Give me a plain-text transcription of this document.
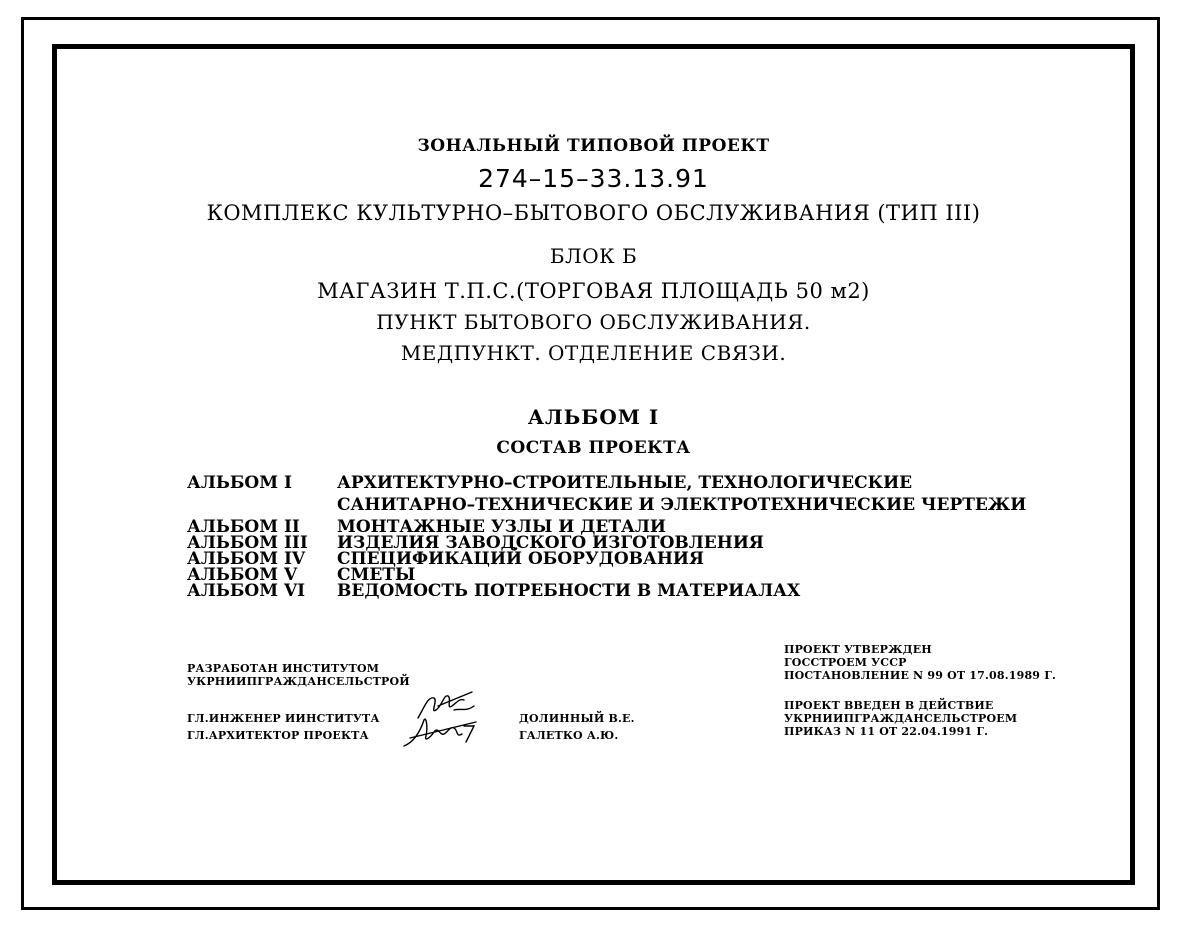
ЗОНАЛЬНЫЙ ТИПОВОЙ ПРОЕКТ
274–15–33.13.91
КОМПЛЕКС КУЛЬТУРНО–БЫТОВОГО ОБСЛУЖИВАНИЯ (ТИП III)
БЛОК Б
МАГАЗИН Т.П.С.(ТОРГОВАЯ ПЛОЩАДЬ 50 м2)
ПУНКТ БЫТОВОГО ОБСЛУЖИВАНИЯ.
МЕДПУНКТ. ОТДЕЛЕНИЕ СВЯЗИ.
АЛЬБОМ I
СОСТАВ ПРОЕКТА
АЛЬБОМ I	АРХИТЕКТУРНО–СТРОИТЕЛЬНЫЕ, ТЕХНОЛОГИЧЕСКИЕ
САНИТАРНО–ТЕХНИЧЕСКИЕ И ЭЛЕКТРОТЕХНИЧЕСКИЕ ЧЕРТЕЖИ
АЛЬБОМ II МОНТАЖНЫЕ УЗЛЫ И ДЕТАЛИ
АЛЬБОМ III ИЗДЕЛИЯ ЗАВОДСКОГО ИЗГОТОВЛЕНИЯ
АЛЬБОМ IV СПЕЦИФИКАЦИЙ ОБОРУДОВАНИЯ
АЛЬБОМ V СМЕТЫ
АЛЬБОМ VI ВЕДОМОСТЬ ПОТРЕБНОСТИ В МАТЕРИАЛАХ
РАЗРАБОТАН ИНСТИТУТОМ
УКРНИИПГРАЖДАНСЕЛЬСТРОЙ
ГЛ.ИНЖЕНЕР ИИНСТИТУТА
ГЛ.АРХИТЕКТОР ПРОЕКТА
ДОЛИННЫЙ В.Е.
ГАЛЕТКО А.Ю.
ПРОЕКТ УТВЕРЖДЕН
ГОССТРОЕМ УССР
ПОСТАНОВЛЕНИЕ N 99 ОТ 17.08.1989 Г.
ПРОЕКТ ВВЕДЕН В ДЕЙСТВИЕ
УКРНИИПГРАЖДАНСЕЛЬСТРОЕМ
ПРИКАЗ N 11 ОТ 22.04.1991 Г.
